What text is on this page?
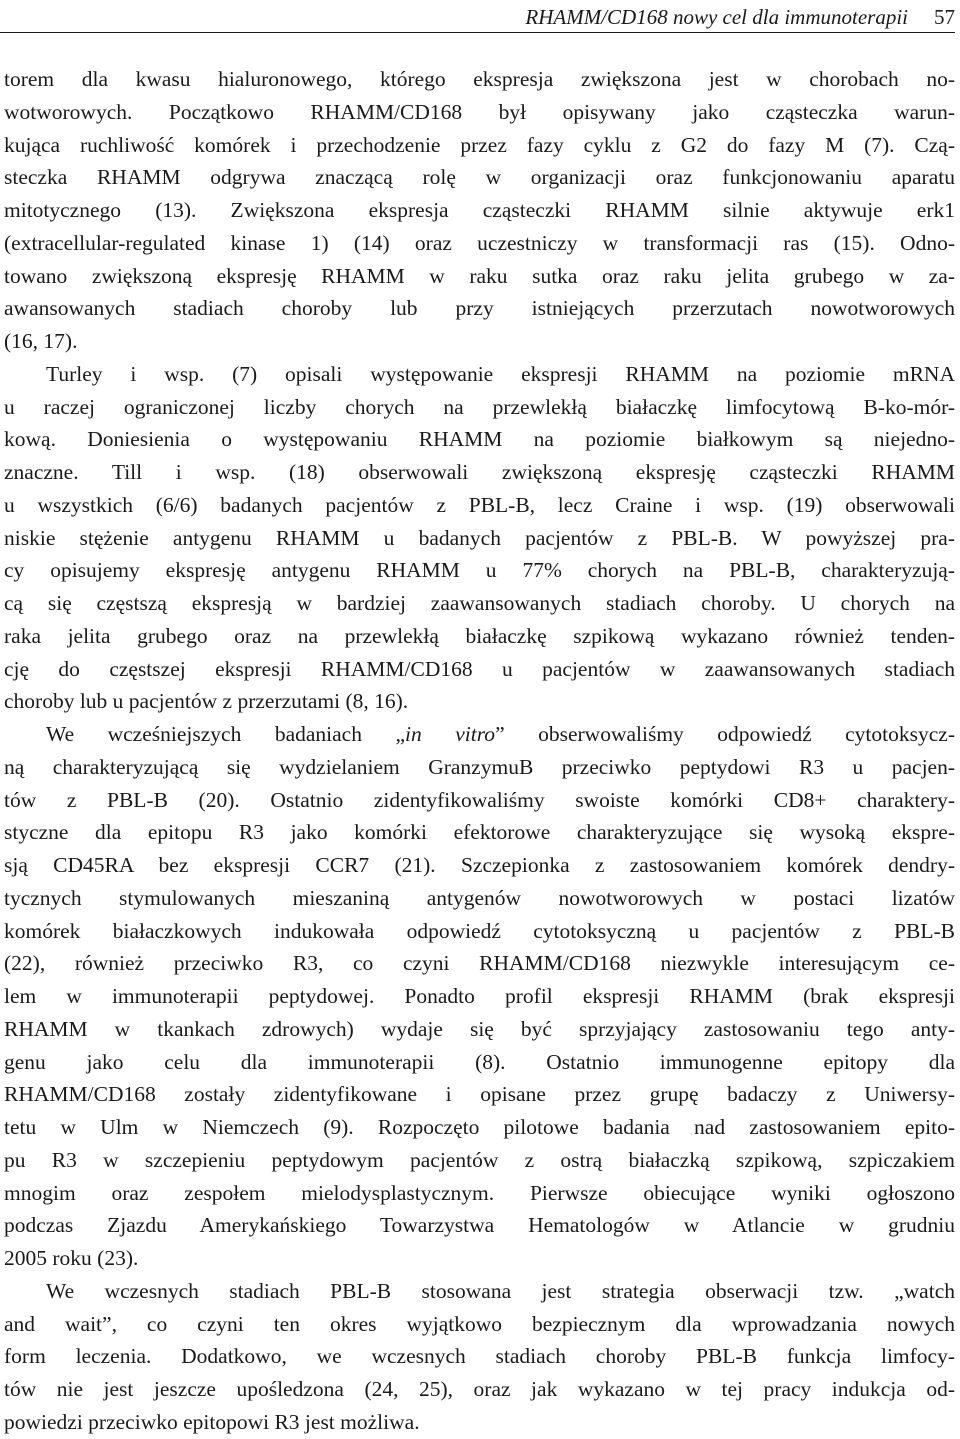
RHAMM/CD168 nowy cel dla immunoterapii 57
torem dla kwasu hialuronowego, którego ekspresja zwiększona jest w chorobach no-
wotworowych. Początkowo RHAMM/CD168 był opisywany jako cząsteczka warun-
kująca ruchliwość komórek i przechodzenie przez fazy cyklu z G2 do fazy M (7). Czą-
steczka RHAMM odgrywa znaczącą rolę w organizacji oraz funkcjonowaniu aparatu
mitotycznego (13). Zwiększona ekspresja cząsteczki RHAMM silnie aktywuje erk1
(extracellular-regulated kinase 1) (14) oraz uczestniczy w transformacji ras (15). Odno-
towano zwiększoną ekspresję RHAMM w raku sutka oraz raku jelita grubego w za-
awansowanych stadiach choroby lub przy istniejących przerzutach nowotworowych
(16, 17).
Turley i wsp. (7) opisali występowanie ekspresji RHAMM na poziomie mRNA
u raczej ograniczonej liczby chorych na przewlekłą białaczkę limfocytową B-ko-mór-
kową. Doniesienia o występowaniu RHAMM na poziomie białkowym są niejedno-
znaczne. Till i wsp. (18) obserwowali zwiększoną ekspresję cząsteczki RHAMM
u wszystkich (6/6) badanych pacjentów z PBL-B, lecz Craine i wsp. (19) obserwowali
niskie stężenie antygenu RHAMM u badanych pacjentów z PBL-B. W powyższej pra-
cy opisujemy ekspresję antygenu RHAMM u 77% chorych na PBL-B, charakteryzują-
cą się częstszą ekspresją w bardziej zaawansowanych stadiach choroby. U chorych na
raka jelita grubego oraz na przewlekłą białaczkę szpikową wykazano również tenden-
cję do częstszej ekspresji RHAMM/CD168 u pacjentów w zaawansowanych stadiach
choroby lub u pacjentów z przerzutami (8, 16).
We wcześniejszych badaniach „in vitro” obserwowaliśmy odpowiedź cytotoksycz-
ną charakteryzującą się wydzielaniem GranzymuB przeciwko peptydowi R3 u pacjen-
tów z PBL-B (20). Ostatnio zidentyfikowaliśmy swoiste komórki CD8+ charaktery-
styczne dla epitopu R3 jako komórki efektorowe charakteryzujące się wysoką ekspre-
sją CD45RA bez ekspresji CCR7 (21). Szczepionka z zastosowaniem komórek dendry-
tycznych stymulowanych mieszaniną antygenów nowotworowych w postaci lizatów
komórek białaczkowych indukowała odpowiedź cytotoksyczną u pacjentów z PBL-B
(22), również przeciwko R3, co czyni RHAMM/CD168 niezwykle interesującym ce-
lem w immunoterapii peptydowej. Ponadto profil ekspresji RHAMM (brak ekspresji
RHAMM w tkankach zdrowych) wydaje się być sprzyjający zastosowaniu tego anty-
genu jako celu dla immunoterapii (8). Ostatnio immunogenne epitopy dla
RHAMM/CD168 zostały zidentyfikowane i opisane przez grupę badaczy z Uniwersy-
tetu w Ulm w Niemczech (9). Rozpoczęto pilotowe badania nad zastosowaniem epito-
pu R3 w szczepieniu peptydowym pacjentów z ostrą białaczką szpikową, szpiczakiem
mnogim oraz zespołem mielodysplastycznym. Pierwsze obiecujące wyniki ogłoszono
podczas Zjazdu Amerykańskiego Towarzystwa Hematologów w Atlancie w grudniu
2005 roku (23).
We wczesnych stadiach PBL-B stosowana jest strategia obserwacji tzw. „watch
and wait”, co czyni ten okres wyjątkowo bezpiecznym dla wprowadzania nowych
form leczenia. Dodatkowo, we wczesnych stadiach choroby PBL-B funkcja limfocy-
tów nie jest jeszcze upośledzona (24, 25), oraz jak wykazano w tej pracy indukcja od-
powiedzi przeciwko epitopowi R3 jest możliwa.
